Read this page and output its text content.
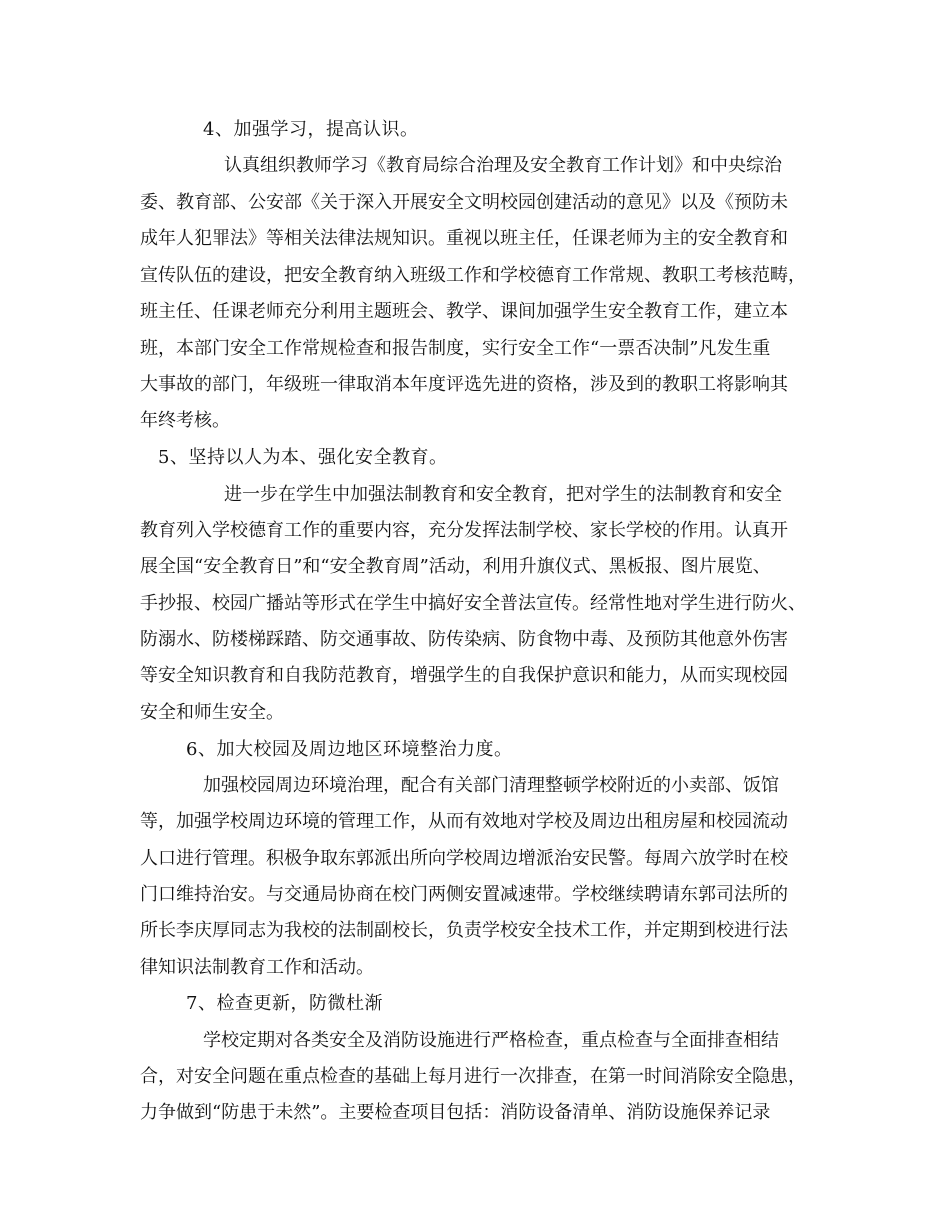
4、加强学习，提高认识。
认真组织教师学习《教育局综合治理及安全教育工作计划》和中央综治
委、教育部、公安部《关于深入开展安全文明校园创建活动的意见》以及《预防未
成年人犯罪法》等相关法律法规知识。重视以班主任，任课老师为主的安全教育和
宣传队伍的建设，把安全教育纳入班级工作和学校德育工作常规、教职工考核范畴，
班主任、任课老师充分利用主题班会、教学、课间加强学生安全教育工作，建立本
班，本部门安全工作常规检查和报告制度，实行安全工作“一票否决制”凡发生重
大事故的部门，年级班一律取消本年度评选先进的资格，涉及到的教职工将影响其
年终考核。
5、坚持以人为本、强化安全教育。
进一步在学生中加强法制教育和安全教育，把对学生的法制教育和安全
教育列入学校德育工作的重要内容，充分发挥法制学校、家长学校的作用。认真开
展全国“安全教育日”和“安全教育周”活动，利用升旗仪式、黑板报、图片展览、
手抄报、校园广播站等形式在学生中搞好安全普法宣传。经常性地对学生进行防火、
防溺水、防楼梯踩踏、防交通事故、防传染病、防食物中毒、及预防其他意外伤害
等安全知识教育和自我防范教育，增强学生的自我保护意识和能力，从而实现校园
安全和师生安全。
6、加大校园及周边地区环境整治力度。
加强校园周边环境治理，配合有关部门清理整顿学校附近的小卖部、饭馆
等，加强学校周边环境的管理工作，从而有效地对学校及周边出租房屋和校园流动
人口进行管理。积极争取东郭派出所向学校周边增派治安民警。每周六放学时在校
门口维持治安。与交通局协商在校门两侧安置减速带。学校继续聘请东郭司法所的
所长李庆厚同志为我校的法制副校长，负责学校安全技术工作，并定期到校进行法
律知识法制教育工作和活动。
7、检查更新，防微杜渐
学校定期对各类安全及消防设施进行严格检查，重点检查与全面排查相结
合，对安全问题在重点检查的基础上每月进行一次排查，在第一时间消除安全隐患，
力争做到“防患于未然”。主要检查项目包括：消防设备清单、消防设施保养记录
